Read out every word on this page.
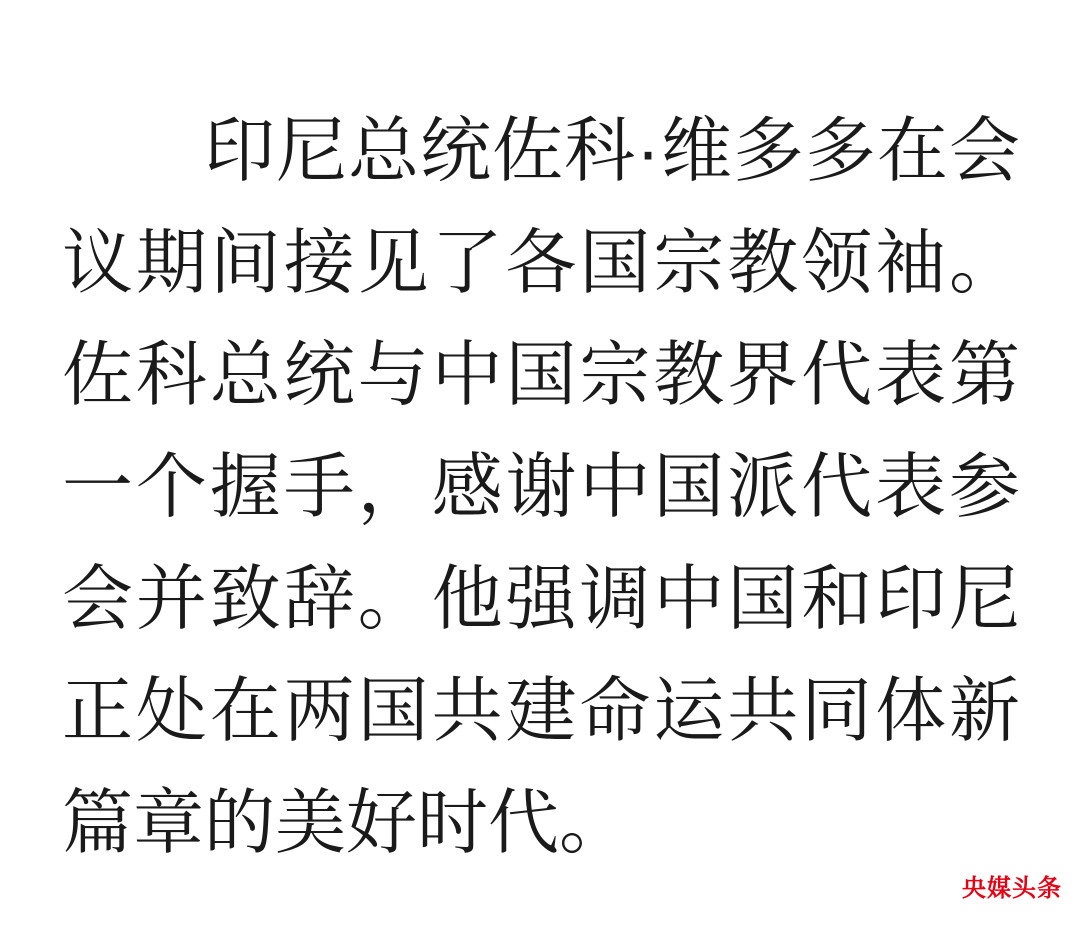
印尼总统佐科·维多多在会议期间接见了各国宗教领袖。佐科总统与中国宗教界代表第一个握手，感谢中国派代表参会并致辞。他强调中国和印尼正处在两国共建命运共同体新篇章的美好时代。

央媒头条
